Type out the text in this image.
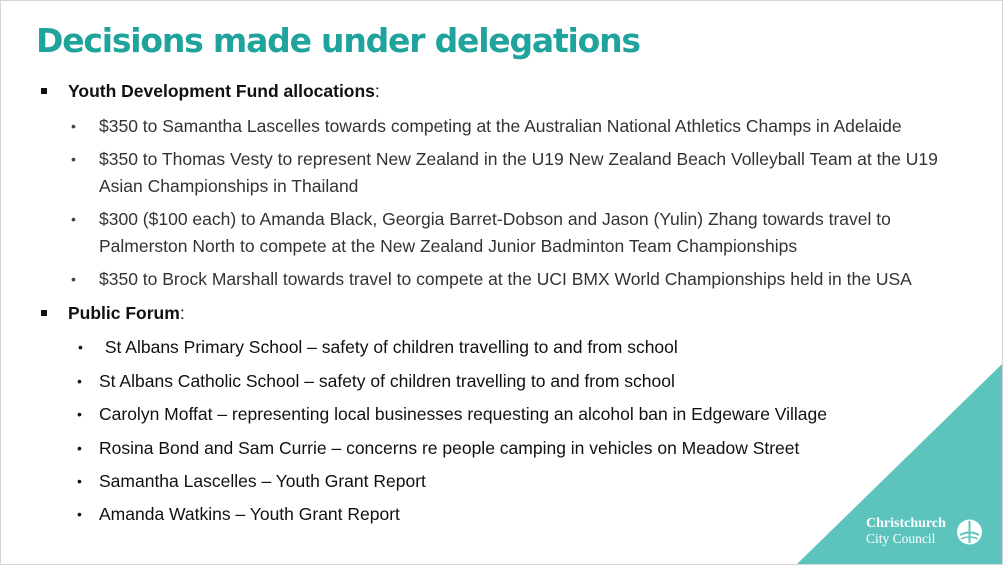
Decisions made under delegations
Youth Development Fund allocations:
• $350 to Samantha Lascelles towards competing at the Australian National Athletics Champs in Adelaide
• $350 to Thomas Vesty to represent New Zealand in the U19 New Zealand Beach Volleyball Team at the U19 Asian Championships in Thailand
• $300 ($100 each) to Amanda Black, Georgia Barret-Dobson and Jason (Yulin) Zhang towards travel to Palmerston North to compete at the New Zealand Junior Badminton Team Championships
• $350 to Brock Marshall towards travel to compete at the UCI BMX World Championships held in the USA
Public Forum:
• St Albans Primary School – safety of children travelling to and from school
• St Albans Catholic School – safety of children travelling to and from school
• Carolyn Moffat – representing local businesses requesting an alcohol ban in Edgeware Village
• Rosina Bond and Sam Currie – concerns re people camping in vehicles on Meadow Street
• Samantha Lascelles – Youth Grant Report
• Amanda Watkins – Youth Grant Report	Christchurch
City Council
